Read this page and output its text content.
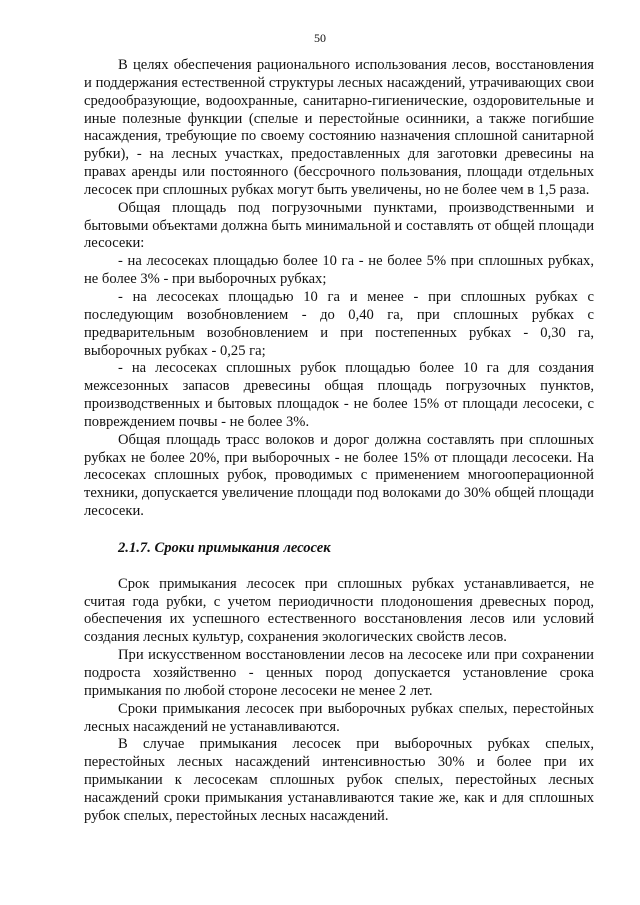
50

В целях обеспечения рационального использования лесов, восстановления и поддержания естественной структуры лесных насаждений, утрачивающих свои средообразующие, водоохранные, санитарно-гигиенические, оздоровительные и иные полезные функции (спелые и перестойные осинники, а также погибшие насаждения, требующие по своему состоянию назначения сплошной санитарной рубки), - на лесных участках, предоставленных для заготовки древесины на правах аренды или постоянного (бессрочного пользования, площади отдельных лесосек при сплошных рубках могут быть увеличены, но не более чем в 1,5 раза.

Общая площадь под погрузочными пунктами, производственными и бытовыми объектами должна быть минимальной и составлять от общей площади лесосеки:

- на лесосеках площадью более 10 га - не более 5% при сплошных рубках, не более 3% - при выборочных рубках;

- на лесосеках площадью 10 га и менее - при сплошных рубках с последующим возобновлением - до 0,40 га, при сплошных рубках с предварительным возобновлением и при постепенных рубках - 0,30 га, выборочных рубках - 0,25 га;

- на лесосеках сплошных рубок площадью более 10 га для создания межсезонных запасов древесины общая площадь погрузочных пунктов, производственных и бытовых площадок - не более 15% от площади лесосеки, с повреждением почвы - не более 3%.

Общая площадь трасс волоков и дорог должна составлять при сплошных рубках не более 20%, при выборочных - не более 15% от площади лесосеки. На лесосеках сплошных рубок, проводимых с применением многооперационной техники, допускается увеличение площади под волоками до 30% общей площади лесосеки.

2.1.7. Сроки примыкания лесосек

Срок примыкания лесосек при сплошных рубках устанавливается, не считая года рубки, с учетом периодичности плодоношения древесных пород, обеспечения их успешного естественного восстановления лесов или условий создания лесных культур, сохранения экологических свойств лесов.

При искусственном восстановлении лесов на лесосеке или при сохранении подроста хозяйственно - ценных пород допускается установление срока примыкания по любой стороне лесосеки не менее 2 лет.

Сроки примыкания лесосек при выборочных рубках спелых, перестойных лесных насаждений не устанавливаются.

В случае примыкания лесосек при выборочных рубках спелых, перестойных лесных насаждений интенсивностью 30% и более при их примыкании к лесосекам сплошных рубок спелых, перестойных лесных насаждений сроки примыкания устанавливаются такие же, как и для сплошных рубок спелых, перестойных лесных насаждений.
